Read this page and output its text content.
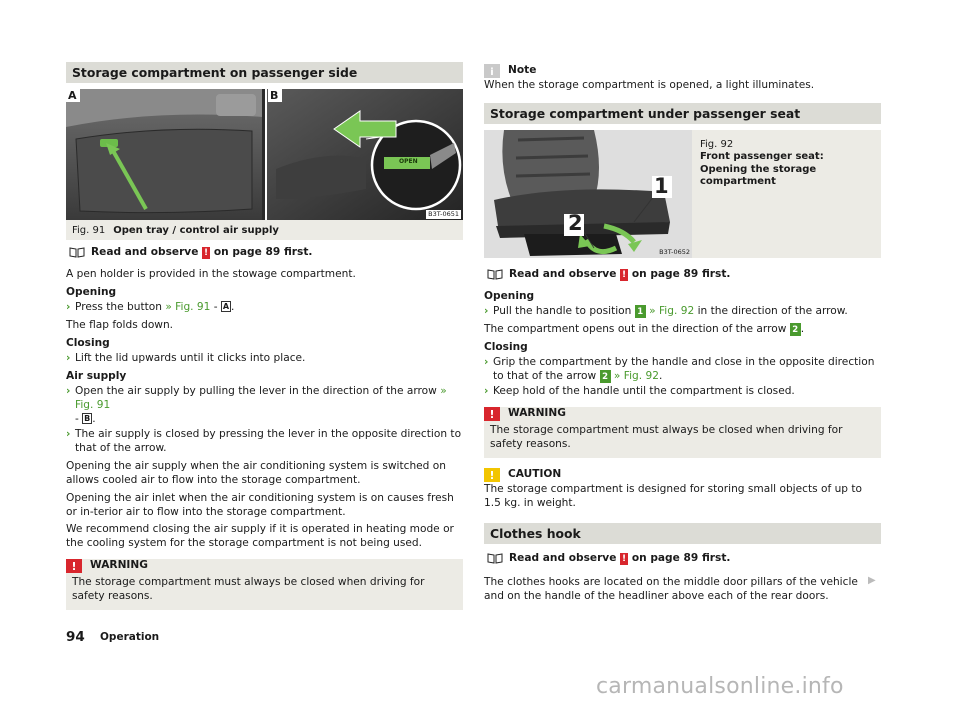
Storage compartment on passenger side
A	B
OPEN
B3T-0651
Fig. 91 Open tray / control air supply
Read and observe
!
on page 89 first.

A pen holder is provided in the stowage compartment.

Opening

› Press the button » Fig. 91 - A .

The flap folds down.

Closing

› Lift the lid upwards until it clicks into place.

Air supply

› Open the air supply by pulling the lever in the direction of the arrow » Fig. 91
- B .
› The air supply is closed by pressing the lever in the opposite direction to that of the arrow.

Opening the air supply when the air conditioning system is switched on allows cooled air to flow into the storage compartment.

Opening the air inlet when the air conditioning system is on causes fresh or in-terior air to flow into the storage compartment.

We recommend closing the air supply if it is operated in heating mode or the cooling system for the storage compartment is not being used.

! WARNING
The storage compartment must always be closed when driving for safety reasons.
i Note

When the storage compartment is opened, a light illuminates.

Storage compartment under passenger seat
1
2
B3T-0652
Fig. 92
Front passenger seat: Opening the storage compartment
Read and observe
!
on page 89 first.

Opening

› Pull the handle to position 1 » Fig. 92 in the direction of the arrow.

The compartment opens out in the direction of the arrow 2 .

Closing

› Grip the compartment by the handle and close in the opposite direction to that of the arrow 2 » Fig. 92.
› Keep hold of the handle until the compartment is closed.
! WARNING
The storage compartment must always be closed when driving for safety reasons.
! CAUTION

The storage compartment is designed for storing small objects of up to 1.5 kg. in weight.

Clothes hook
Read and observe
!
on page 89 first.

The clothes hooks are located on the middle door pillars of the vehicle and on the handle of the headliner above each of the rear doors.

▶
94 Operation
carmanualsonline.info
